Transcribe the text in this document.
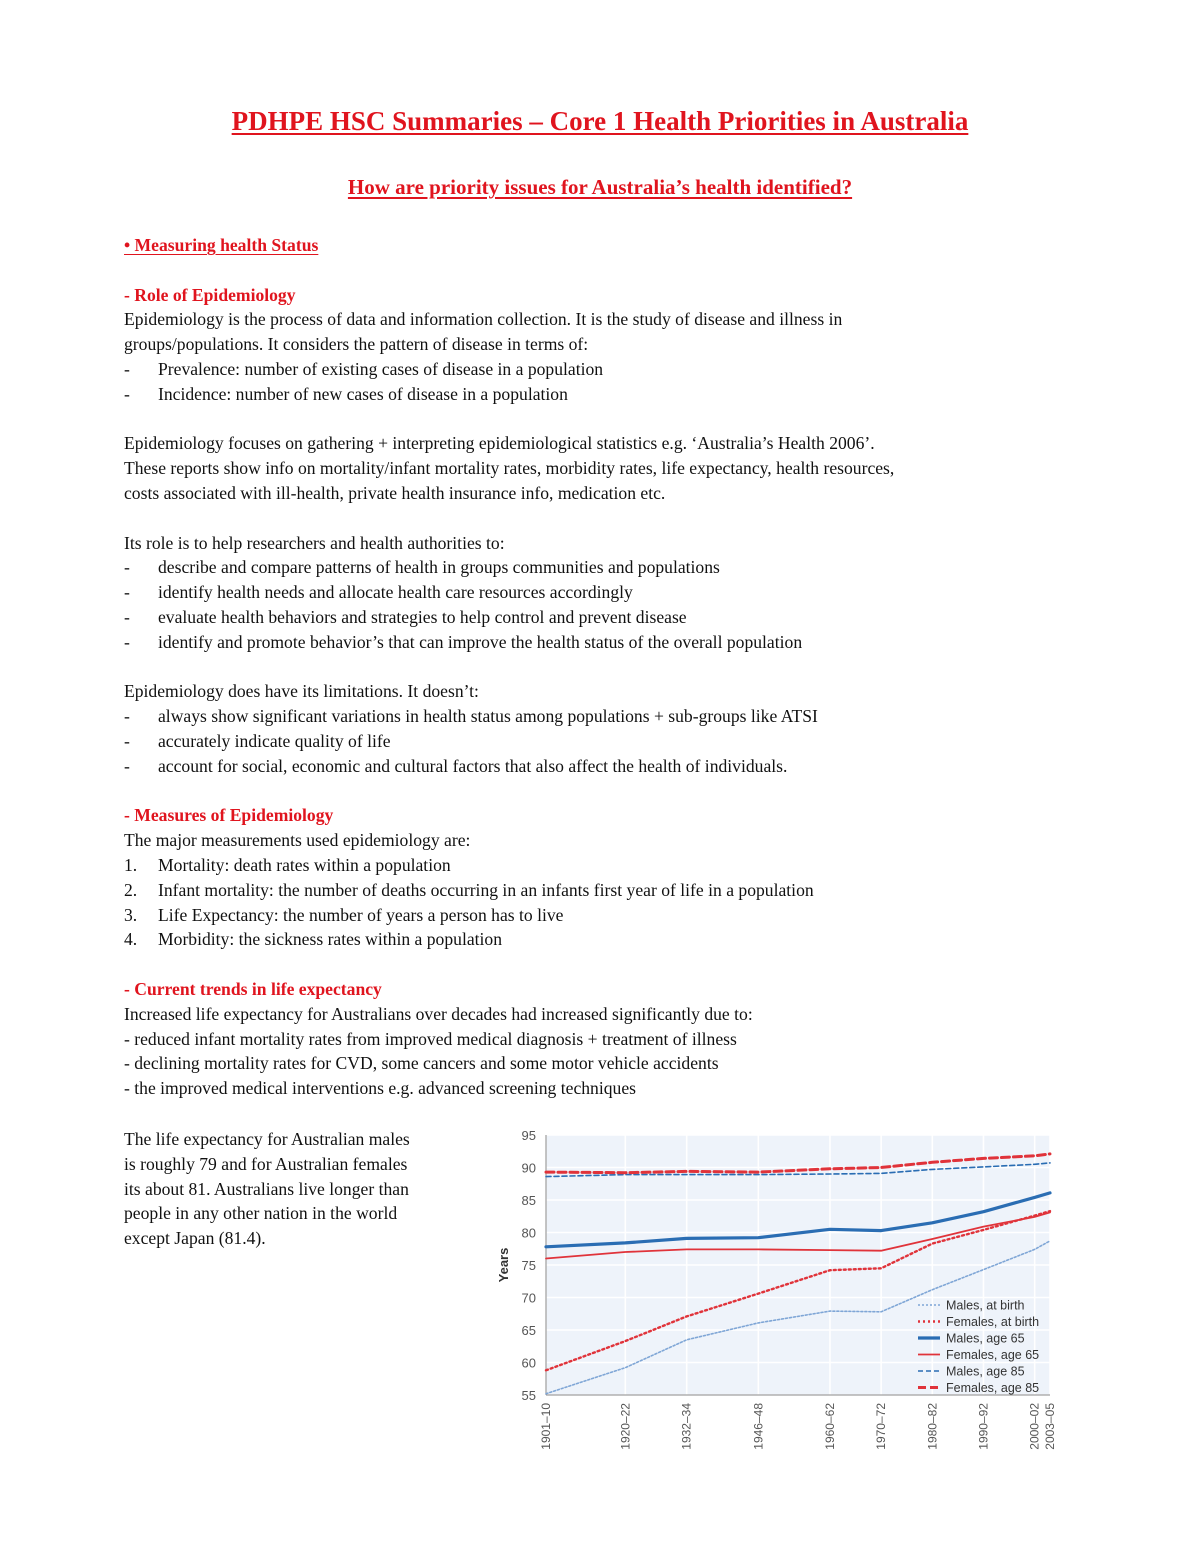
PDHPE HSC Summaries – Core 1 Health Priorities in Australia
How are priority issues for Australia’s health identified?
• Measuring health Status
- Role of Epidemiology
Epidemiology is the process of data and information collection. It is the study of disease and illness in
groups/populations. It considers the pattern of disease in terms of:
-	Prevalence: number of existing cases of disease in a population
-	Incidence: number of new cases of disease in a population
Epidemiology focuses on gathering + interpreting epidemiological statistics e.g. ‘Australia’s Health 2006’.
These reports show info on mortality/infant mortality rates, morbidity rates, life expectancy, health resources,
costs associated with ill-health, private health insurance info, medication etc.
Its role is to help researchers and health authorities to:
-	describe and compare patterns of health in groups communities and populations
-	identify health needs and allocate health care resources accordingly
-	evaluate health behaviors and strategies to help control and prevent disease
-	identify and promote behavior’s that can improve the health status of the overall population
Epidemiology does have its limitations. It doesn’t:
-	always show significant variations in health status among populations + sub-groups like ATSI
-	accurately indicate quality of life
-	account for social, economic and cultural factors that also affect the health of individuals.
- Measures of Epidemiology
The major measurements used epidemiology are:
1.	Mortality: death rates within a population
2.	Infant mortality: the number of deaths occurring in an infants first year of life in a population
3.	Life Expectancy: the number of years a person has to live
4.	Morbidity: the sickness rates within a population
- Current trends in life expectancy
Increased life expectancy for Australians over decades had increased significantly due to:
- reduced infant mortality rates from improved medical diagnosis + treatment of illness
- declining mortality rates for CVD, some cancers and some motor vehicle accidents
- the improved medical interventions e.g. advanced screening techniques
The life expectancy for Australian males
is roughly 79 and for Australian females
its about 81. Australians live longer than
people in any other nation in the world
except Japan (81.4).
55
60
65
70
75
80
85
90
95
1901–10	1920–22	1932–34	1946–48	1960–62	1970–72	1980–82	1990–92	2000–02 2003–05
Years
Males, at birth
Females, at birth
Males, age 65
Females, age 65
Males, age 85
Females, age 85
